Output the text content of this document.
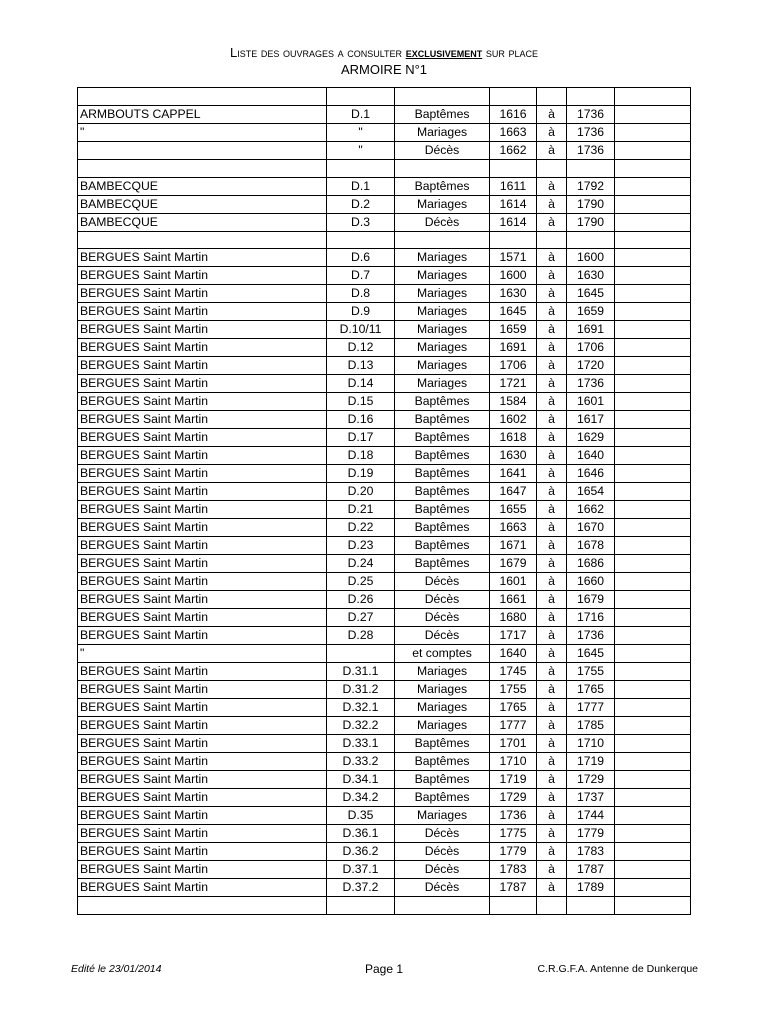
Liste des ouvrages a consulter exclusivement sur place
ARMOIRE N°1

ARMBOUTS CAPPEL	D.1	Baptêmes	1616	à	1736	
"	"	Mariages	1663	à	1736	
	"	Décès	1662	à	1736	

BAMBECQUE	D.1	Baptêmes	1611	à	1792	
BAMBECQUE	D.2	Mariages	1614	à	1790	
BAMBECQUE	D.3	Décès	1614	à	1790	

BERGUES Saint Martin	D.6	Mariages	1571	à	1600	
BERGUES Saint Martin	D.7	Mariages	1600	à	1630	
BERGUES Saint Martin	D.8	Mariages	1630	à	1645	
BERGUES Saint Martin	D.9	Mariages	1645	à	1659	
BERGUES Saint Martin	D.10/11	Mariages	1659	à	1691	
BERGUES Saint Martin	D.12	Mariages	1691	à	1706	
BERGUES Saint Martin	D.13	Mariages	1706	à	1720	
BERGUES Saint Martin	D.14	Mariages	1721	à	1736	
BERGUES Saint Martin	D.15	Baptêmes	1584	à	1601	
BERGUES Saint Martin	D.16	Baptêmes	1602	à	1617	
BERGUES Saint Martin	D.17	Baptêmes	1618	à	1629	
BERGUES Saint Martin	D.18	Baptêmes	1630	à	1640	
BERGUES Saint Martin	D.19	Baptêmes	1641	à	1646	
BERGUES Saint Martin	D.20	Baptêmes	1647	à	1654	
BERGUES Saint Martin	D.21	Baptêmes	1655	à	1662	
BERGUES Saint Martin	D.22	Baptêmes	1663	à	1670	
BERGUES Saint Martin	D.23	Baptêmes	1671	à	1678	
BERGUES Saint Martin	D.24	Baptêmes	1679	à	1686	
BERGUES Saint Martin	D.25	Décès	1601	à	1660	
BERGUES Saint Martin	D.26	Décès	1661	à	1679	
BERGUES Saint Martin	D.27	Décès	1680	à	1716	
BERGUES Saint Martin	D.28	Décès	1717	à	1736	
"		et comptes	1640	à	1645	
BERGUES Saint Martin	D.31.1	Mariages	1745	à	1755	
BERGUES Saint Martin	D.31.2	Mariages	1755	à	1765	
BERGUES Saint Martin	D.32.1	Mariages	1765	à	1777	
BERGUES Saint Martin	D.32.2	Mariages	1777	à	1785	
BERGUES Saint Martin	D.33.1	Baptêmes	1701	à	1710	
BERGUES Saint Martin	D.33.2	Baptêmes	1710	à	1719	
BERGUES Saint Martin	D.34.1	Baptêmes	1719	à	1729	
BERGUES Saint Martin	D.34.2	Baptêmes	1729	à	1737	
BERGUES Saint Martin	D.35	Mariages	1736	à	1744	
BERGUES Saint Martin	D.36.1	Décès	1775	à	1779	
BERGUES Saint Martin	D.36.2	Décès	1779	à	1783	
BERGUES Saint Martin	D.37.1	Décès	1783	à	1787	
BERGUES Saint Martin	D.37.2	Décès	1787	à	1789	

Edité le 23/01/2014	Page 1	C.R.G.F.A. Antenne de Dunkerque
